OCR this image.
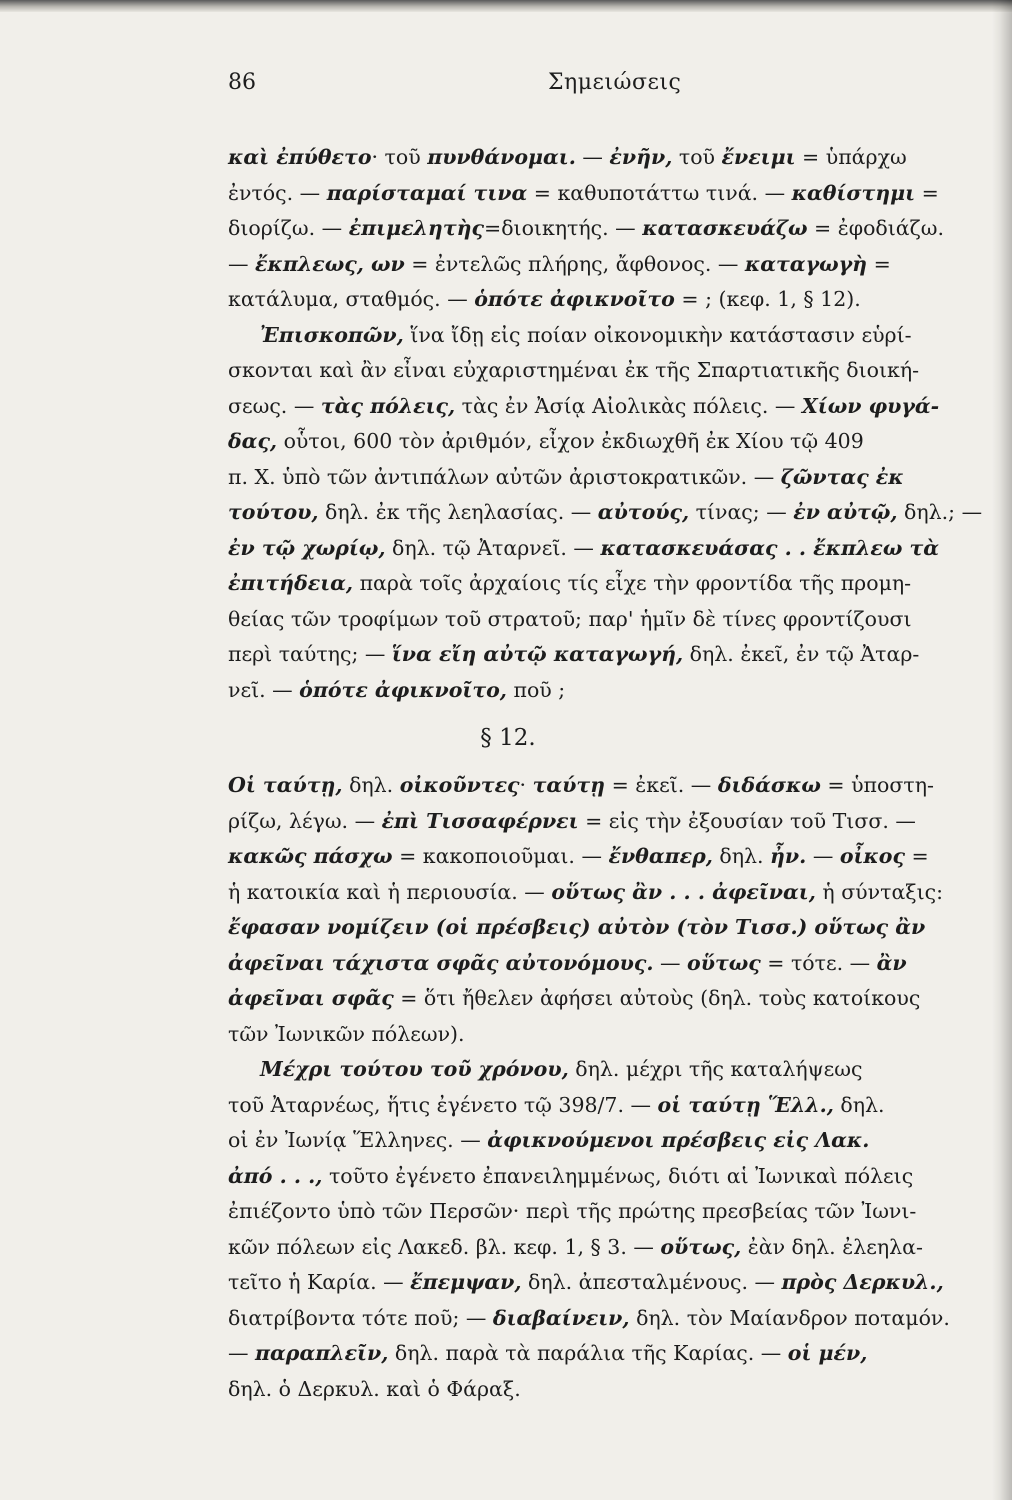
86	Σημειώσεις
καὶ ἐπύθετο· τοῦ πυνθάνομαι. — ἐνῆν, τοῦ ἔνειμι = ὑπάρχω
ἐντός. — παρίσταμαί τινα = καθυποτάττω τινά. — καθίστημι =
διορίζω. — ἐπιμελητὴς=διοικητής. — κατασκευάζω = ἐφοδιάζω.
— ἔκπλεως, ων = ἐντελῶς πλήρης, ἄφθονος. — καταγωγὴ =
κατάλυμα, σταθμός. — ὁπότε ἀφικνοῖτο = ; (κεφ. 1, § 12).
Ἐπισκοπῶν, ἵνα ἴδῃ εἰς ποίαν οἰκονομικὴν κατάστασιν εὑρί-
σκονται καὶ ἂν εἶναι εὐχαριστημέναι ἐκ τῆς Σπαρτιατικῆς διοική-
σεως. — τὰς πόλεις, τὰς ἐν Ἀσίᾳ Αἰολικὰς πόλεις. — Χίων φυγά-
δας, οὗτοι, 600 τὸν ἀριθμόν, εἶχον ἐκδιωχθῆ ἐκ Χίου τῷ 409
π. Χ. ὑπὸ τῶν ἀντιπάλων αὐτῶν ἀριστοκρατικῶν. — ζῶντας ἐκ
τούτου, δηλ. ἐκ τῆς λεηλασίας. — αὐτούς, τίνας; — ἐν αὐτῷ, δηλ.; —
ἐν τῷ χωρίῳ, δηλ. τῷ Ἀταρνεῖ. — κατασκευάσας . . ἔκπλεω τὰ
ἐπιτήδεια, παρὰ τοῖς ἀρχαίοις τίς εἶχε τὴν φροντίδα τῆς προμη-
θείας τῶν τροφίμων τοῦ στρατοῦ; παρ' ἡμῖν δὲ τίνες φροντίζουσι
περὶ ταύτης; — ἵνα εἴη αὐτῷ καταγωγή, δηλ. ἐκεῖ, ἐν τῷ Ἀταρ-
νεῖ. — ὁπότε ἀφικνοῖτο, ποῦ ;
§ 12.
Οἱ ταύτῃ, δηλ. οἰκοῦντες· ταύτῃ = ἐκεῖ. — διδάσκω = ὑποστη-
ρίζω, λέγω. — ἐπὶ Τισσαφέρνει = εἰς τὴν ἐξουσίαν τοῦ Τισσ. —
κακῶς πάσχω = κακοποιοῦμαι. — ἔνθαπερ, δηλ. ἦν. — οἶκος =
ἡ κατοικία καὶ ἡ περιουσία. — οὕτως ἂν . . . ἀφεῖναι, ἡ σύνταξις:
ἔφασαν νομίζειν (οἱ πρέσβεις) αὐτὸν (τὸν Τισσ.) οὕτως ἂν
ἀφεῖναι τάχιστα σφᾶς αὐτονόμους. — οὕτως = τότε. — ἂν
ἀφεῖναι σφᾶς = ὅτι ἤθελεν ἀφήσει αὐτοὺς (δηλ. τοὺς κατοίκους
τῶν Ἰωνικῶν πόλεων).
Μέχρι τούτου τοῦ χρόνου, δηλ. μέχρι τῆς καταλήψεως
τοῦ Ἀταρνέως, ἥτις ἐγένετο τῷ 398/7. — οἱ ταύτῃ Ἕλλ., δηλ.
οἱ ἐν Ἰωνίᾳ Ἕλληνες. — ἀφικνούμενοι πρέσβεις εἰς Λακ.
ἀπό . . ., τοῦτο ἐγένετο ἐπανειλημμένως, διότι αἱ Ἰωνικαὶ πόλεις
ἐπιέζοντο ὑπὸ τῶν Περσῶν· περὶ τῆς πρώτης πρεσβείας τῶν Ἰωνι-
κῶν πόλεων εἰς Λακεδ. βλ. κεφ. 1, § 3. — οὕτως, ἐὰν δηλ. ἐλεηλα-
τεῖτο ἡ Καρία. — ἔπεμψαν, δηλ. ἀπεσταλμένους. — πρὸς Δερκυλ.,
διατρίβοντα τότε ποῦ; — διαβαίνειν, δηλ. τὸν Μαίανδρον ποταμόν.
— παραπλεῖν, δηλ. παρὰ τὰ παράλια τῆς Καρίας. — οἱ μέν,
δηλ. ὁ Δερκυλ. καὶ ὁ Φάραξ.
